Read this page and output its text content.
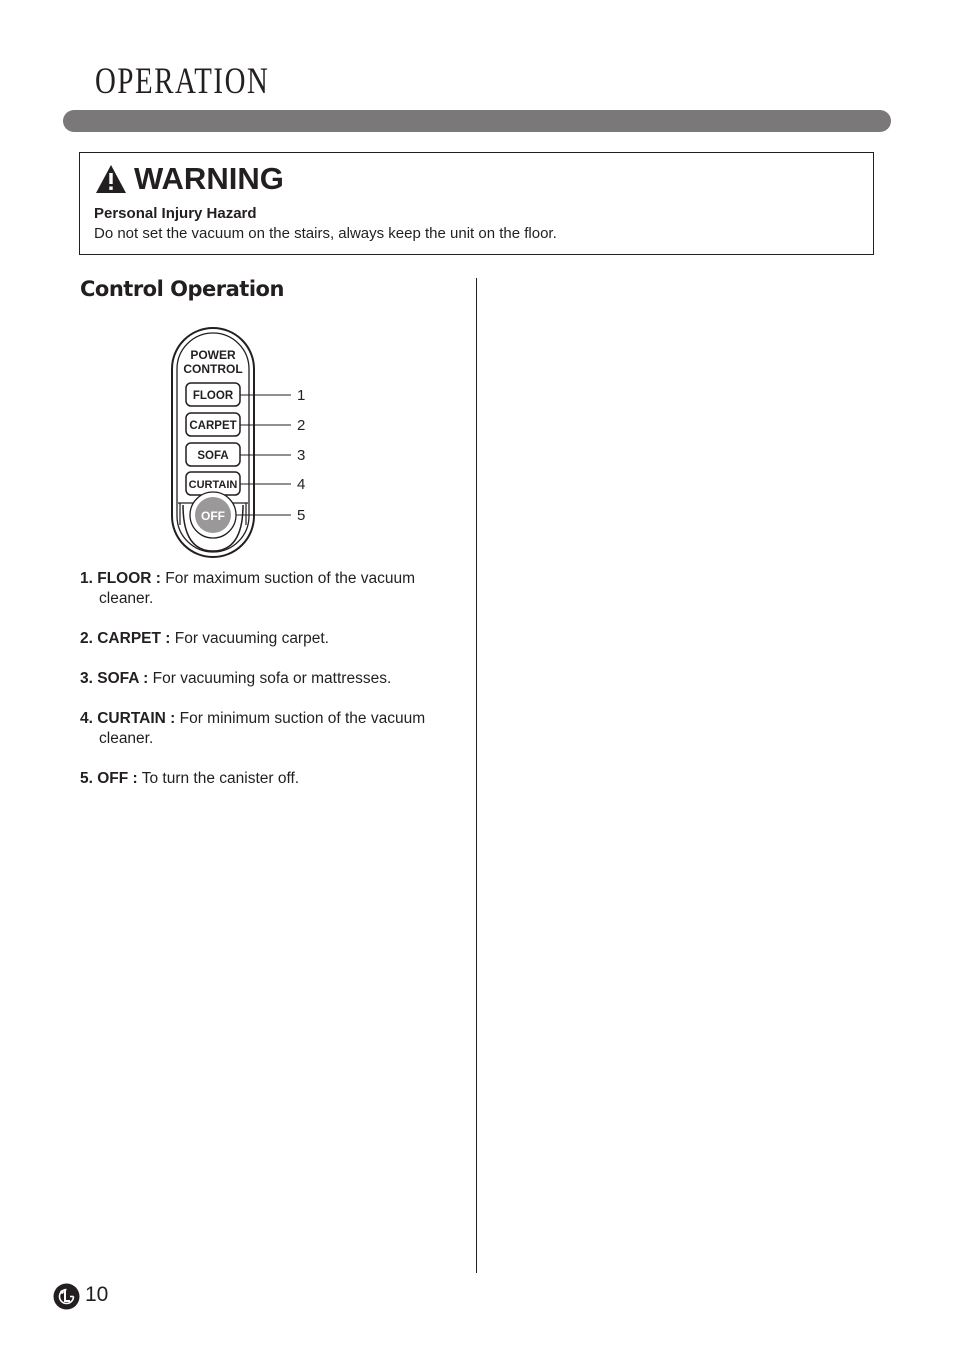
OPERATION
WARNING
Personal Injury Hazard
Do not set the vacuum on the stairs, always keep the unit on the floor.
Control Operation
POWER
CONTROL
FLOOR
CARPET
SOFA
CURTAIN
OFF
1
2
3
4
5
1. FLOOR : For maximum suction of the vacuum cleaner.
2. CARPET : For vacuuming carpet.
3. SOFA : For vacuuming sofa or mattresses.
4. CURTAIN : For minimum suction of the vacuum cleaner.
5. OFF : To turn the canister off.
10
